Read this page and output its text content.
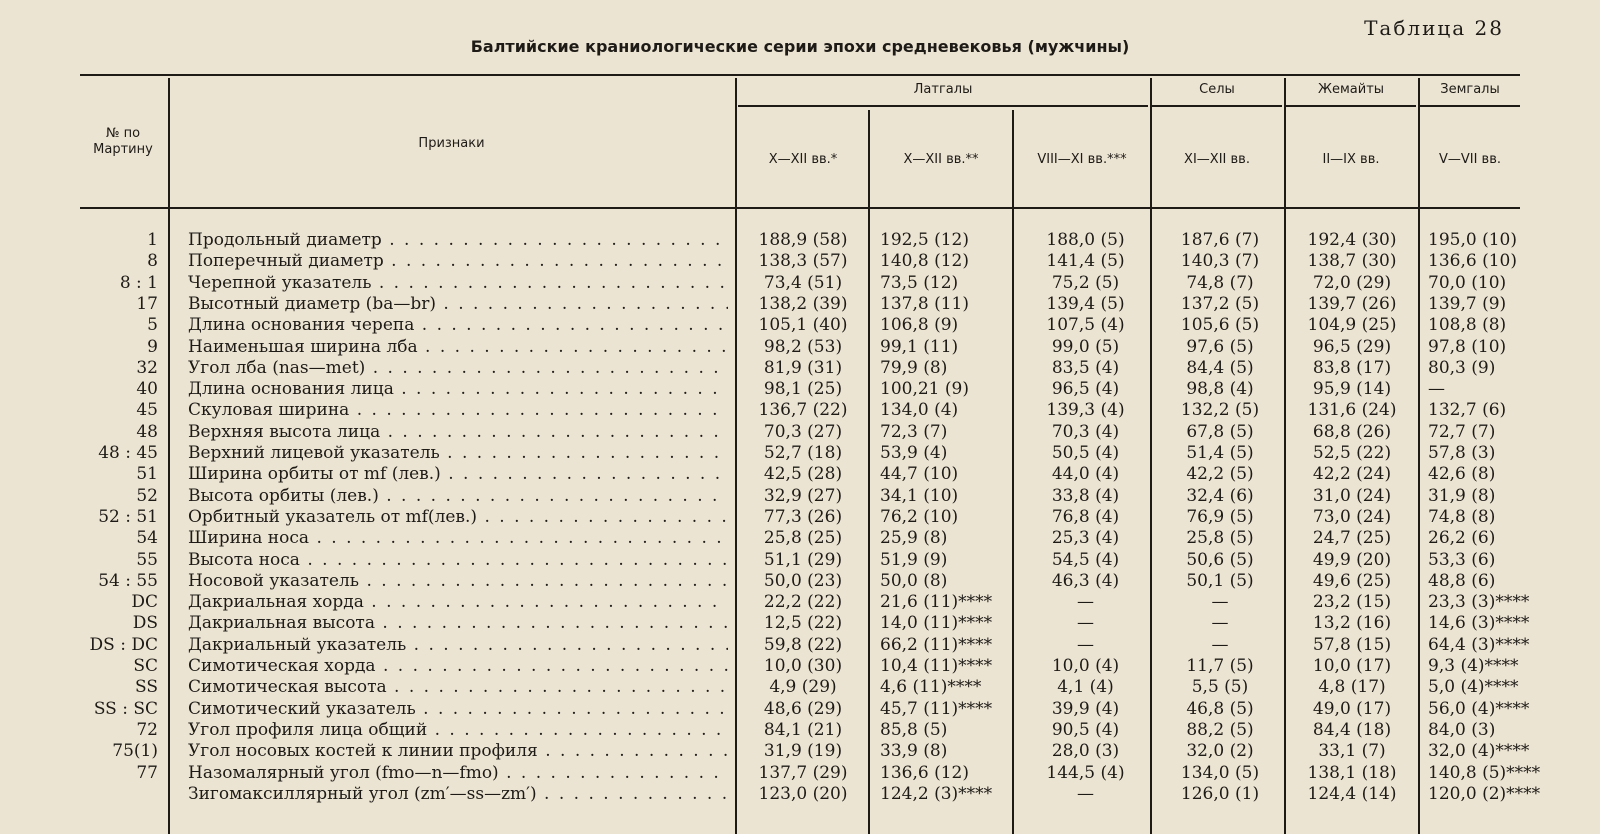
Таблица 28
Балтийские краниологические серии эпохи средневековья (мужчины)
№ по Мартину	Признаки
Латгалы	Селы	Жемайты	Земгалы
X—XII вв.*	X—XII вв.**	VIII—XI вв.***	XI—XII вв.	II—IX вв.	V—VII вв.
1 Продольный диаметр . . .	188,9 (58)	192,5 (12)	188,0 (5)	187,6 (7)	192,4 (30)	195,0 (10)
8 Поперечный диаметр . . .	138,3 (57)	140,8 (12)	141,4 (5)	140,3 (7)	138,7 (30)	136,6 (10)
8 : 1 Черепной указатель . . .	73,4 (51)	73,5 (12)	75,2 (5)	74,8 (7)	72,0 (29)	70,0 (10)
17 Высотный диаметр (ba—br) . . .	138,2 (39)	137,8 (11)	139,4 (5)	137,2 (5)	139,7 (26)	139,7 (9)
5 Длина основания черепа . . .	105,1 (40)	106,8 (9)	107,5 (4)	105,6 (5)	104,9 (25)	108,8 (8)
9 Наименьшая ширина лба . . .	98,2 (53)	99,1 (11)	99,0 (5)	97,6 (5)	96,5 (29)	97,8 (10)
32 Угол лба (nas—met) . . .	81,9 (31)	79,9 (8)	83,5 (4)	84,4 (5)	83,8 (17)	80,3 (9)
40 Длина основания лица . . .	98,1 (25)	100,21 (9)	96,5 (4)	98,8 (4)	95,9 (14)	—
45 Скуловая ширина . . .	136,7 (22)	134,0 (4)	139,3 (4)	132,2 (5)	131,6 (24)	132,7 (6)
48 Верхняя высота лица . . .	70,3 (27)	72,3 (7)	70,3 (4)	67,8 (5)	68,8 (26)	72,7 (7)
48 : 45 Верхний лицевой указатель . . .	52,7 (18)	53,9 (4)	50,5 (4)	51,4 (5)	52,5 (22)	57,8 (3)
51 Ширина орбиты от mf (лев.) . . .	42,5 (28)	44,7 (10)	44,0 (4)	42,2 (5)	42,2 (24)	42,6 (8)
52 Высота орбиты (лев.) . . .	32,9 (27)	34,1 (10)	33,8 (4)	32,4 (6)	31,0 (24)	31,9 (8)
52 : 51 Орбитный указатель от mf(лев.) . . .	77,3 (26)	76,2 (10)	76,8 (4)	76,9 (5)	73,0 (24)	74,8 (8)
54 Ширина носа . . .	25,8 (25)	25,9 (8)	25,3 (4)	25,8 (5)	24,7 (25)	26,2 (6)
55 Высота носа . . .	51,1 (29)	51,9 (9)	54,5 (4)	50,6 (5)	49,9 (20)	53,3 (6)
54 : 55 Носовой указатель . . .	50,0 (23)	50,0 (8)	46,3 (4)	50,1 (5)	49,6 (25)	48,8 (6)
DC Дакриальная хорда . . .	22,2 (22)	21,6 (11)****	—	—	23,2 (15)	23,3 (3)****
DS Дакриальная высота . . .	12,5 (22)	14,0 (11)****	—	—	13,2 (16)	14,6 (3)****
DS : DC Дакриальный указатель . . .	59,8 (22)	66,2 (11)****	—	—	57,8 (15)	64,4 (3)****
SC Симотическая хорда . . .	10,0 (30)	10,4 (11)****	10,0 (4)	11,7 (5)	10,0 (17)	9,3 (4)****
SS Симотическая высота . . .	4,9 (29)	4,6 (11)****	4,1 (4)	5,5 (5)	4,8 (17)	5,0 (4)****
SS : SC Симотический указатель . . .	48,6 (29)	45,7 (11)****	39,9 (4)	46,8 (5)	49,0 (17)	56,0 (4)****
72 Угол профиля лица общий . . .	84,1 (21)	85,8 (5)	90,5 (4)	88,2 (5)	84,4 (18)	84,0 (3)
75(1) Угол носовых костей к линии профиля . . .	31,9 (19)	33,9 (8)	28,0 (3)	32,0 (2)	33,1 (7)	32,0 (4)****
77 Назомалярный угол (fmo—n—fmo) . . .	137,7 (29)	136,6 (12)	144,5 (4)	134,0 (5)	138,1 (18)	140,8 (5)****
Зигомаксиллярный угол (zm′—ss—zm′) . . .	123,0 (20)	124,2 (3)****	—	126,0 (1)	124,4 (14)	120,0 (2)****
